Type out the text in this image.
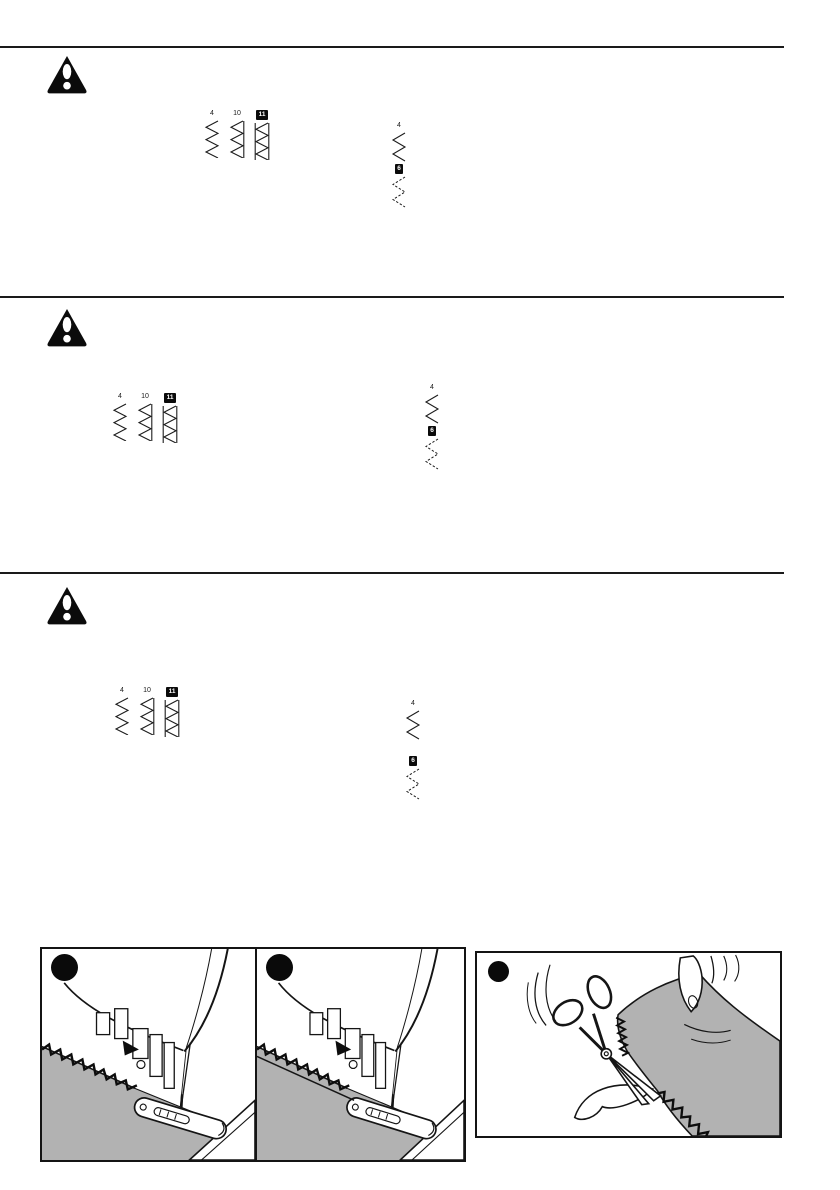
4	10	11
4
6
4	10	11
4
6
4	10	11
4
6
